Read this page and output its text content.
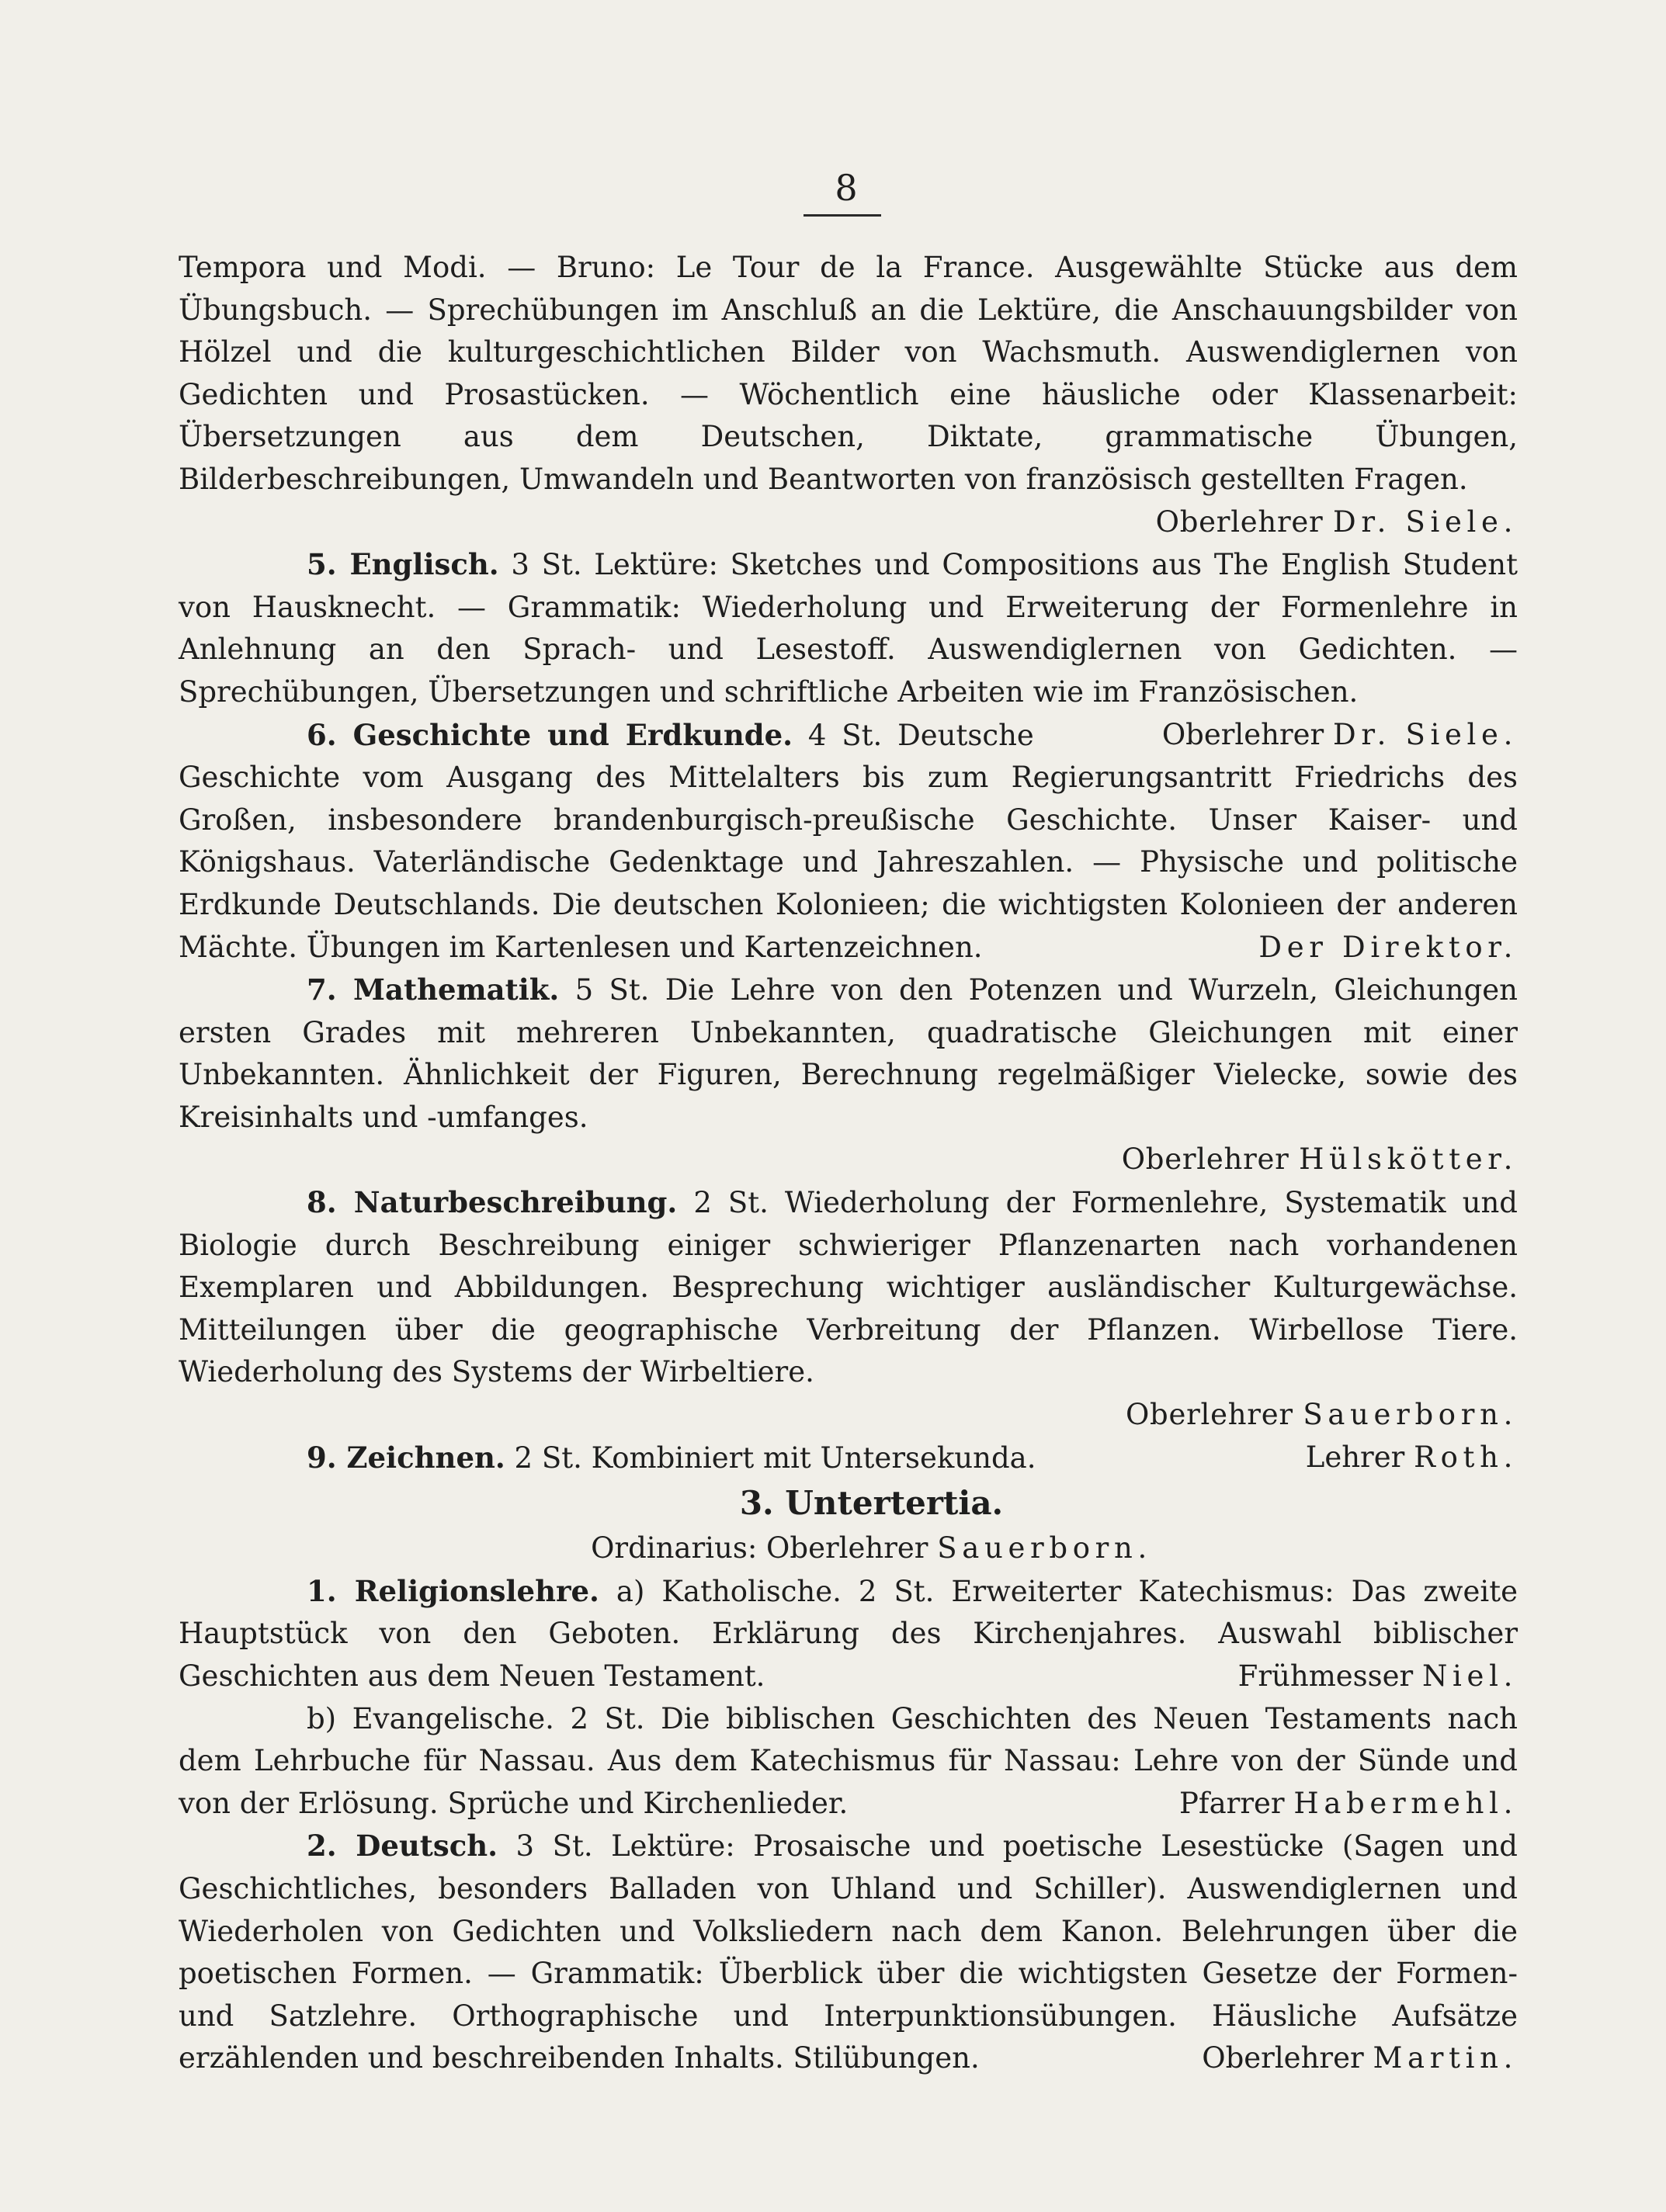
8

Tempora und Modi. — Bruno: Le Tour de la France. Ausgewählte Stücke aus dem Übungsbuch. — Sprechübungen im Anschluß an die Lektüre, die Anschauungsbilder von Hölzel und die kulturgeschichtlichen Bilder von Wachsmuth. Auswendiglernen von Gedichten und Prosastücken. — Wöchentlich eine häusliche oder Klassenarbeit: Übersetzungen aus dem Deutschen, Diktate, grammatische Übungen, Bilderbeschreibungen, Umwandeln und Beantworten von französisch gestellten Fragen.

Oberlehrer Dr. Siele.

5. Englisch. 3 St. Lektüre: Sketches und Compositions aus The English Student von Hausknecht. — Grammatik: Wiederholung und Erweiterung der Formenlehre in Anlehnung an den Sprach- und Lesestoff. Auswendiglernen von Gedichten. — Sprechübungen, Übersetzungen und schriftliche Arbeiten wie im Französischen.
Oberlehrer Dr. Siele.

6. Geschichte und Erdkunde. 4 St. Deutsche Geschichte vom Ausgang des Mittelalters bis zum Regierungsantritt Friedrichs des Großen, insbesondere brandenburgisch-preußische Geschichte. Unser Kaiser- und Königshaus. Vaterländische Gedenktage und Jahreszahlen. — Physische und politische Erdkunde Deutschlands. Die deutschen Kolonieen; die wichtigsten Kolonieen der anderen Mächte. Übungen im Kartenlesen und Kartenzeichnen.	Der Direktor.

7. Mathematik. 5 St. Die Lehre von den Potenzen und Wurzeln, Gleichungen ersten Grades mit mehreren Unbekannten, quadratische Gleichungen mit einer Unbekannten. Ähnlichkeit der Figuren, Berechnung regelmäßiger Vielecke, sowie des Kreisinhalts und -umfanges.

Oberlehrer Hülskötter.

8. Naturbeschreibung. 2 St. Wiederholung der Formenlehre, Systematik und Biologie durch Beschreibung einiger schwieriger Pflanzenarten nach vorhandenen Exemplaren und Abbildungen. Besprechung wichtiger ausländischer Kulturgewächse. Mitteilungen über die geographische Verbreitung der Pflanzen. Wirbellose Tiere. Wiederholung des Systems der Wirbeltiere.

Oberlehrer Sauerborn.

9. Zeichnen. 2 St. Kombiniert mit Untersekunda.	Lehrer Roth.

3. Untertertia.

Ordinarius: Oberlehrer Sauerborn.

1. Religionslehre. a) Katholische. 2 St. Erweiterter Katechismus: Das zweite Hauptstück von den Geboten. Erklärung des Kirchenjahres. Auswahl biblischer Geschichten aus dem Neuen Testament.	Frühmesser Niel.

b) Evangelische. 2 St. Die biblischen Geschichten des Neuen Testaments nach dem Lehrbuche für Nassau. Aus dem Katechismus für Nassau: Lehre von der Sünde und von der Erlösung. Sprüche und Kirchenlieder.	Pfarrer Habermehl.

2. Deutsch. 3 St. Lektüre: Prosaische und poetische Lesestücke (Sagen und Geschichtliches, besonders Balladen von Uhland und Schiller). Auswendiglernen und Wiederholen von Gedichten und Volksliedern nach dem Kanon. Belehrungen über die poetischen Formen. — Grammatik: Überblick über die wichtigsten Gesetze der Formen- und Satzlehre. Orthographische und Interpunktionsübungen. Häusliche Aufsätze erzählenden und beschreibenden Inhalts. Stilübungen.	Oberlehrer Martin.
